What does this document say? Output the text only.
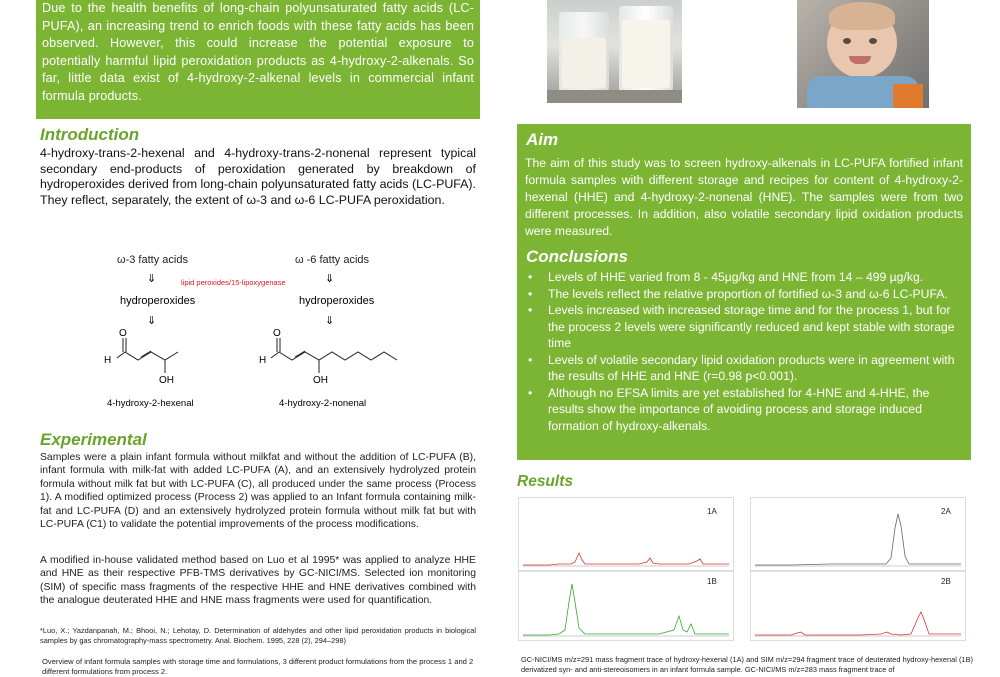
Due to the health benefits of long-chain polyunsaturated fatty acids (LC-PUFA), an increasing trend to enrich foods with these fatty acids has been observed. However, this could increase the potential exposure to potentially harmful lipid peroxidation products as 4-hydroxy-2-alkenals. So far, little data exist of 4-hydroxy-2-alkenal levels in commercial infant formula products.
Introduction
4-hydroxy-trans-2-hexenal and 4-hydroxy-trans-2-nonenal represent typical secondary end-products of peroxidation generated by breakdown of hydroperoxides derived from long-chain polyunsaturated fatty acids (LC-PUFA). They reflect, separately, the extent of ω-3 and ω-6 LC-PUFA peroxidation.
ω-3 fatty acids	ω -6 fatty acids
⇓	⇓
lipid peroxides/15-lipoxygenase
hydroperoxides	hydroperoxides
⇓	⇓
O
H
OH
4-hydroxy-2-hexenal
O
H
OH
4-hydroxy-2-nonenal
Experimental
Samples were a plain infant formula without milkfat and without the addition of LC-PUFA (B), infant formula with milk-fat with added LC-PUFA (A), and an extensively hydrolyzed protein formula without milk fat but with LC-PUFA (C), all produced under the same process (Process 1). A modified optimized process (Process 2) was applied to an Infant formula containing milk-fat and LC-PUFA (D) and an extensively hydrolyzed protein formula without milk fat but with LC-PUFA (C1) to validate the potential improvements of the process modifications.
A modified in-house validated method based on Luo et al 1995* was applied to analyze HHE and HNE as their respective PFB-TMS derivatives by GC-NICI/MS. Selected ion monitoring (SIM) of specific mass fragments of the respective HHE and HNE derivatives combined with the analogue deuterated HHE and HNE mass fragments were used for quantification.
*Luo, X.; Yazdanpanah, M.; Bhooi, N.; Lehotay, D. Determination of aldehydes and other lipid peroxidation products in biological samples by gas chromatography-mass spectrometry. Anal. Biochem. 1995, 228 (2), 294–298)
Overview of infant formula samples with storage time and formulations, 3 different product formulations from the process 1 and 2 different formulations from process 2.
Aim
The aim of this study was to screen hydroxy-alkenals in LC-PUFA fortified infant formula samples with different storage and recipes for content of 4-hydroxy-2-hexenal (HHE) and 4-hydroxy-2-nonenal (HNE). The samples were from two different processes. In addition, also volatile secondary lipid oxidation products were measured.
Conclusions
• Levels of HHE varied from 8 - 45µg/kg and HNE from 14 – 499 µg/kg.
• The levels reflect the relative proportion of fortified ω-3 and ω-6 LC-PUFA.
• Levels increased with increased storage time and for the process 1, but for the process 2 levels were significantly reduced and kept stable with storage time
• Levels of volatile secondary lipid oxidation products were in agreement with the results of HHE and HNE (r=0.98 p<0.001).
• Although no EFSA limits are yet established for 4-HNE and 4-HHE, the results show the importance of avoiding process and storage induced formation of hydroxy-alkenals.
Results
1A	2A
1B	2B
GC-NICI/MS m/z=291 mass fragment trace of hydroxy-hexenal (1A) and SIM m/z=294 fragment trace of deuterated hydroxy-hexenal (1B) derivatized syn- and anti-stereoisomers in an infant formula sample. GC-NICI/MS m/z=283 mass fragment trace of
